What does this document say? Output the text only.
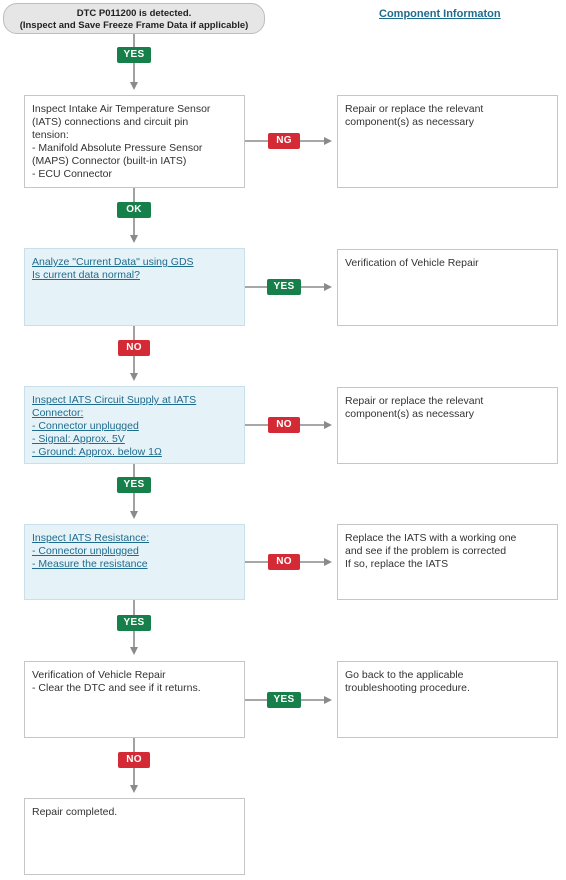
DTC P011200 is detected.
(Inspect and Save Freeze Frame Data if applicable)
Component Informaton
YES
NG
OK
YES
NO
NO
YES
NO
YES
YES
NO
Inspect Intake Air Temperature Sensor
(IATS) connections and circuit pin
tension:
- Manifold Absolute Pressure Sensor
(MAPS) Connector (built-in IATS)
- ECU Connector
Analyze "Current Data" using GDS
Is current data normal?
Inspect IATS Circuit Supply at IATS
Connector:
- Connector unplugged
- Signal: Approx. 5V
- Ground: Approx. below 1Ω
Inspect IATS Resistance:
- Connector unplugged
- Measure the resistance
Verification of Vehicle Repair
- Clear the DTC and see if it returns.
Repair completed.
Repair or replace the relevant
component(s) as necessary
Verification of Vehicle Repair
Repair or replace the relevant
component(s) as necessary
Replace the IATS with a working one
and see if the problem is corrected
If so, replace the IATS
Go back to the applicable
troubleshooting procedure.
